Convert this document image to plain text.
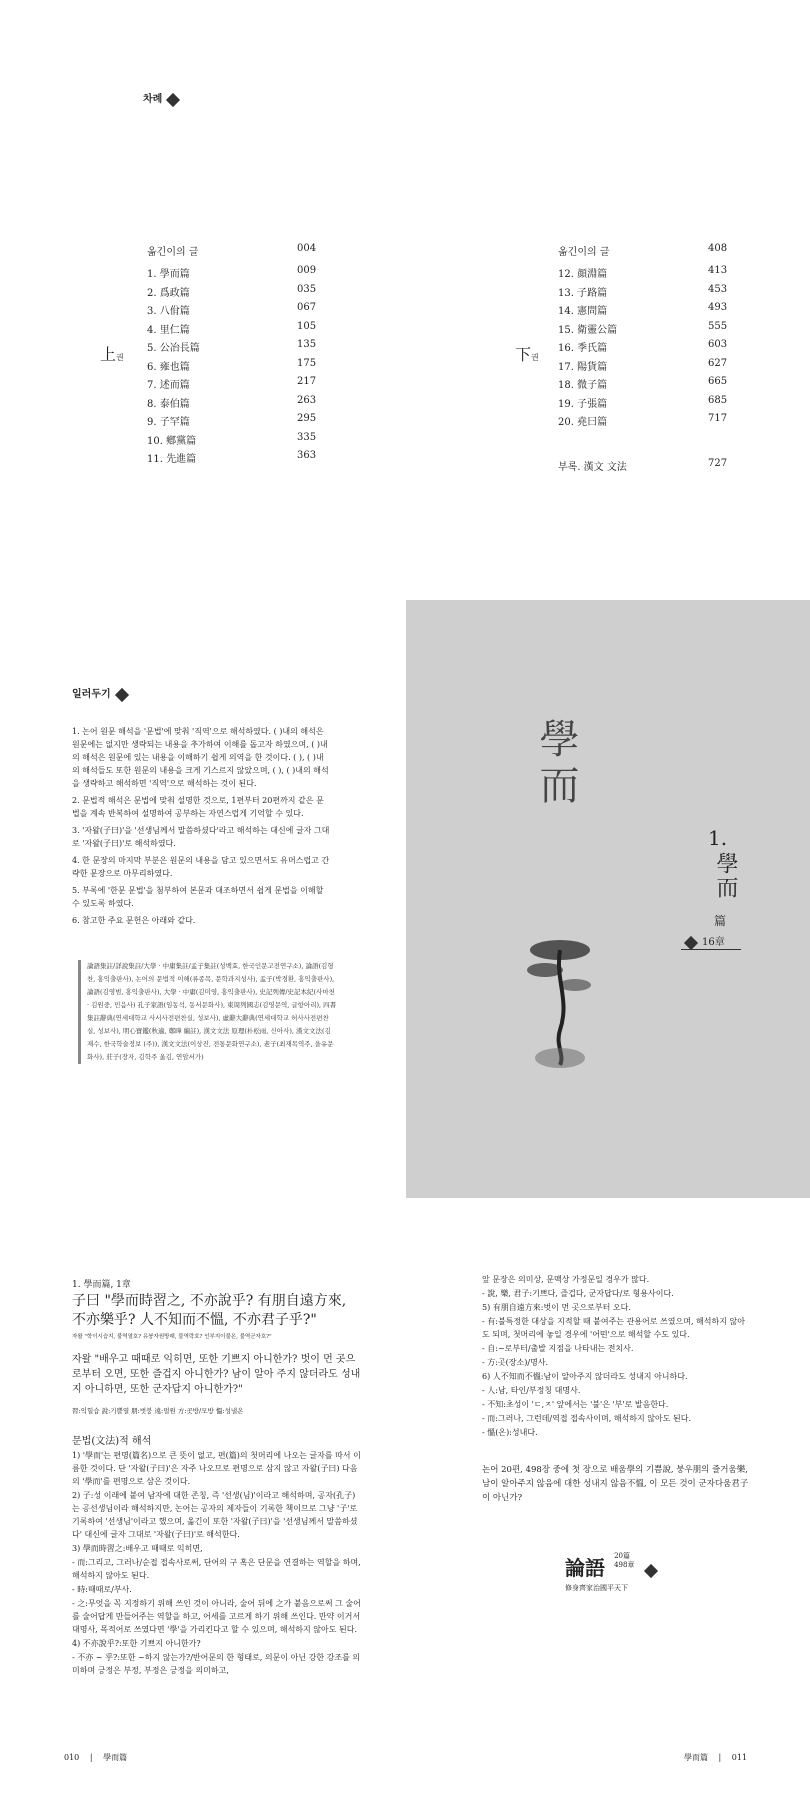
차례
上권	下권
옮긴이의 글	004
1. 學而篇	009
2. 爲政篇	035
3. 八佾篇	067
4. 里仁篇	105
5. 公冶長篇	135
6. 雍也篇	175
7. 述而篇	217
8. 泰伯篇	263
9. 子罕篇	295
10. 鄕黨篇	335
11. 先進篇	363
옮긴이의 글	408
12. 顔淵篇	413
13. 子路篇	453
14. 憲問篇	493
15. 衛靈公篇	555
16. 季氏篇	603
17. 陽貨篇	627
18. 微子篇	665
19. 子張篇	685
20. 堯曰篇	717
부록. 漢文 文法	727
일러두기
1. 논어 원문 해석을 '문법'에 맞춰 '직역'으로 해석하였다. ( )내의 해석은 원문에는 없지만 생략되는 내용을 추가하여 이해를 돕고자 하였으며, ( )내의 해석은 원문에 있는 내용을 이해하기 쉽게 의역을 한 것이다. ( ), ( )내의 해석들도 또한 원문의 내용을 크게 기스르지 않았으며, ( ), ( )내의 해석을 생략하고 해석하면 '직역'으로 해석하는 것이 된다.
2. 문법적 해석은 문법에 맞춰 설명한 것으로, 1편부터 20편까지 같은 문법을 계속 반복하여 설명하여 공부하는 자연스럽게 기억할 수 있다.
3. '자왈(子曰)'을 '선생님께서 말씀하셨다'라고 해석하는 대신에 글자 그대로 '자왈(子曰)'로 해석하였다.
4. 한 문장의 마지막 부분은 원문의 내용을 담고 있으면서도 유머스럽고 간략한 문장으로 마무리하였다.
5. 부록에 '한문 문법'을 첨부하여 본문과 대조하면서 쉽게 문법을 이해할 수 있도록 하였다.
6. 참고한 주요 문헌은 아래와 같다.
論語集註/詳說集註/大學 · 中庸集註/孟子集註(성백효, 한국인문고전연구소), 論語(김형찬, 홍익출판사), 논어의 문법적 이해(류종목, 문학과지성사), 孟子(박경환, 홍익출판사), 論語(김영범, 홍익출판사), 大學 · 中庸(김미영, 홍익출판사), 史記列傳/史記本紀(사마천 · 김원중, 민음사) 孔子家語(임동석, 동서문화사), 東周列國志(김영문역, 글항아리), 四書集註辭典(연세대학교 사서사전편찬실, 성보사), 虛辭大辭典(연세대학교 허사사전편찬실, 성보사), 明心寶鑑(秋適, 鄭曄 編註), 漢文文法 原理(朴松雨, 신아사), 漢文文法(김재수, 한국학술정보 (주)), 漢文文法(이상진, 전통문화연구소), 老子(최재목역주, 을유문화사), 莊子(장자, 김학주 옮김, 연암서가)
學而
1.
學而
篇
16章
1. 學而篇, 1章
子曰 "學而時習之, 不亦說乎? 有朋自遠方來, 不亦樂乎? 人不知而不慍, 不亦君子乎?"
자왈 "학이시습지, 불역열호? 유붕자원방래, 불역락호? 인부지이불온, 불역군자호?"
자왈 "배우고 때때로 익히면, 또한 기쁘지 아니한가? 벗이 먼 곳으로부터 오면, 또한 즐겁지 아니한가? 남이 알아 주지 않더라도 성내지 아니하면, 또한 군자답지 아니한가?"
習:익힐습 說:기쁠열 朋:벗붕 遠:멀원 方:곳방/모방 慍:성낼온
문법(文法)적 해석
1) '學而'는 편명(篇名)으로 큰 뜻이 없고, 편(篇)의 첫머리에 나오는 글자를 따서 이름한 것이다. 단 '자왈(子曰)'은 자주 나오므로 편명으로 삼지 않고 자왈(子曰) 다음의 '學而'를 편명으로 삼은 것이다.
2) 子:성 이래에 붙여 남자에 대한 존칭, 즉 '선생(님)'이라고 해석하며, 공자(孔子)는 공선생님이라 해석하지만, 논어는 공자의 제자들이 기록한 책이므로 그냥 '子'로 기록하여 '선생님'이라고 했으며, 옮긴이 또한 '자왈(子曰)'을 '선생님께서 말씀하셨다' 대신에 글자 그대로 '자왈(子曰)'로 해석한다.
3) 學而時習之:배우고 때때로 익히면,
- 而:그리고, 그러나/순접 접속사로써, 단어의 구 혹은 단문을 연결하는 역할을 하며, 해석하지 않아도 된다.
- 時:때때로/부사.
- 之:무엇을 꼭 지정하기 위해 쓰인 것이 아니라, 술어 뒤에 之가 붙음으로써 그 술어를 술어답게 만들어주는 역할을 하고, 어세를 고르게 하기 위해 쓰인다. 만약 이거서 대명사, 목적어로 쓰였다면 '學'을 가리킨다고 할 수 있으며, 해석하지 않아도 된다.
4) 不亦說乎?:또한 기쁘지 아니한가?
- 不亦 ~ 乎?:또한 ~하지 않는가?/반어문의 한 형태로, 의문이 아닌 강한 강조를 의미하며 긍정은 부정, 부정은 긍정을 의미하고,
010 | 學而篇
앞 문장은 의미상, 문맥상 가정문일 경우가 많다.
- 說, 樂, 君子:기쁘다, 즐겁다, 군자답다/로 형용사이다.
5) 有朋自遠方來:벗이 먼 곳으로부터 오다.
- 有:불특정한 대상을 지적할 때 붙여주는 관용어로 쓰였으며, 해석하지 않아도 되며, 첫머리에 놓일 경우에 '어떤'으로 해석할 수도 있다.
- 自:~로부터/출발 지점을 나타내는 전치사.
- 方:곳(장소)/명사.
6) 人不知而不慍:남이 알아주지 않더라도 성내지 아니하다.
- 人:남, 타인/부정칭 대명사.
- 不知:초성이 'ㄷ,ㅈ' 앞에서는 '불'은 '부'로 발음한다.
- 而:그러나, 그런데/역접 접속사이며, 해석하지 않아도 된다.
- 慍(온):성내다.
논어 20편, 498장 중에 첫 장으로 배움學의 기쁨說, 붕우朋의 즐거움樂, 남이 알아주지 않음에 대한 성내지 않음不慍, 이 모든 것이 군자다움君子이 아닌가?
論語 20篇
498章
修身齊家治國平天下
學而篇 | 011
